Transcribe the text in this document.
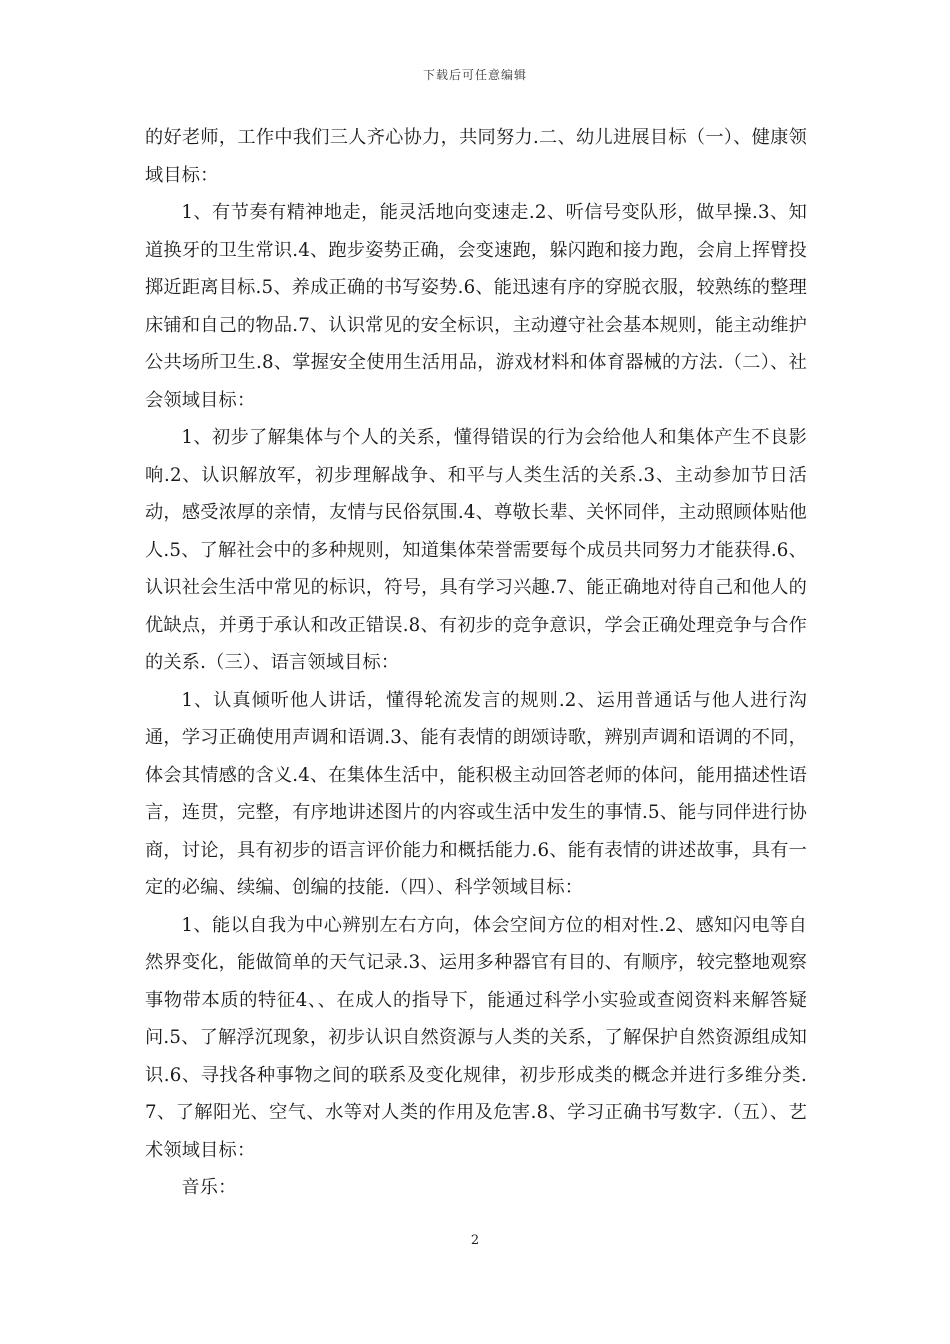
下载后可任意编辑

的好老师，工作中我们三人齐心协力，共同努力.二、幼儿进展目标（一）、健康领域目标：

1、有节奏有精神地走，能灵活地向变速走.2、听信号变队形，做早操.3、知道换牙的卫生常识.4、跑步姿势正确，会变速跑，躲闪跑和接力跑，会肩上挥臂投掷近距离目标.5、养成正确的书写姿势.6、能迅速有序的穿脱衣服，较熟练的整理床铺和自己的物品.7、认识常见的安全标识，主动遵守社会基本规则，能主动维护公共场所卫生.8、掌握安全使用生活用品，游戏材料和体育器械的方法.（二）、社会领域目标：

1、初步了解集体与个人的关系，懂得错误的行为会给他人和集体产生不良影响.2、认识解放军，初步理解战争、和平与人类生活的关系.3、主动参加节日活动，感受浓厚的亲情，友情与民俗氛围.4、尊敬长辈、关怀同伴，主动照顾体贴他人.5、了解社会中的多种规则，知道集体荣誉需要每个成员共同努力才能获得.6、认识社会生活中常见的标识，符号，具有学习兴趣.7、能正确地对待自己和他人的优缺点，并勇于承认和改正错误.8、有初步的竞争意识，学会正确处理竞争与合作的关系.（三）、语言领域目标：

1、认真倾听他人讲话，懂得轮流发言的规则.2、运用普通话与他人进行沟通，学习正确使用声调和语调.3、能有表情的朗颂诗歌，辨别声调和语调的不同，体会其情感的含义.4、在集体生活中，能积极主动回答老师的体问，能用描述性语言，连贯，完整，有序地讲述图片的内容或生活中发生的事情.5、能与同伴进行协商，讨论，具有初步的语言评价能力和概括能力.6、能有表情的讲述故事，具有一定的必编、续编、创编的技能.（四）、科学领域目标：

1、能以自我为中心辨别左右方向，体会空间方位的相对性.2、感知闪电等自然界变化，能做简单的天气记录.3、运用多种器官有目的、有顺序，较完整地观察事物带本质的特征4、、在成人的指导下，能通过科学小实验或查阅资料来解答疑问.5、了解浮沉现象，初步认识自然资源与人类的关系，了解保护自然资源组成知识.6、寻找各种事物之间的联系及变化规律，初步形成类的概念并进行多维分类.7、了解阳光、空气、水等对人类的作用及危害.8、学习正确书写数字.（五）、艺术领域目标：

音乐：

2
